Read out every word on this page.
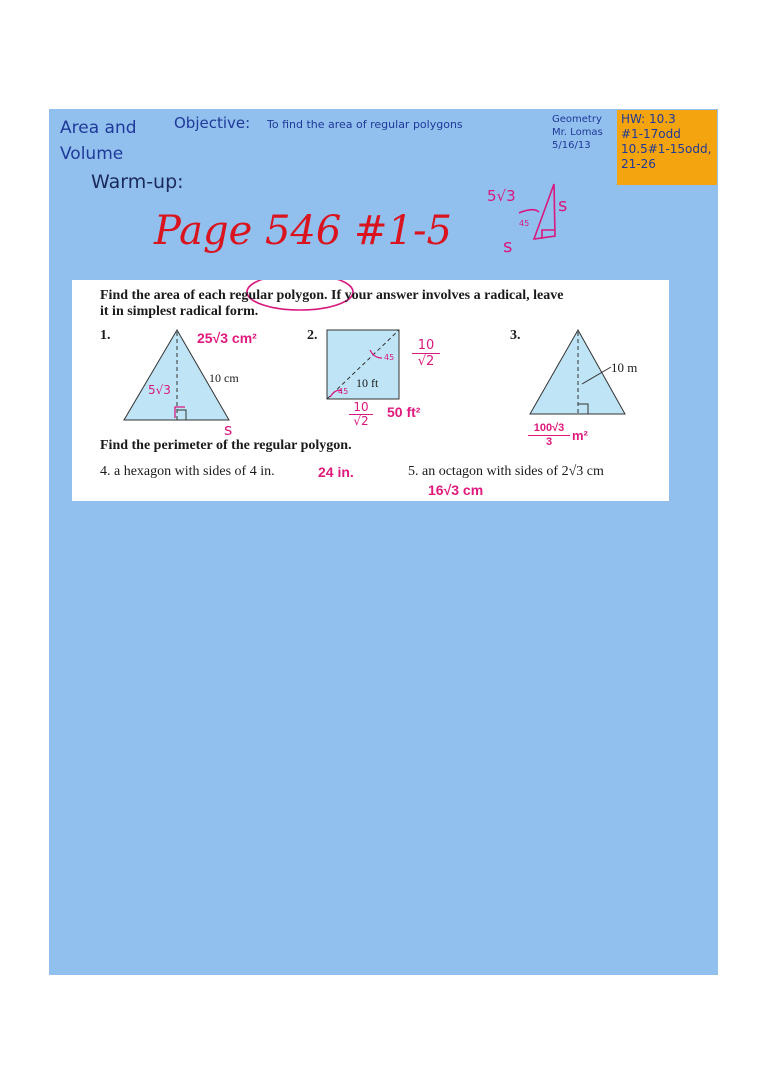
Area and
Volume
Objective: To find the area of regular polygons	Geometry
Mr. Lomas
5/16/13
HW: 10.3
#1-17odd
10.5#1-15odd,
21-26
Warm-up:
Page 546 #1-5
5√3 s
s
45
Find the area of each regular polygon. If your answer involves a radical, leave
it in simplest radical form.
1.
10 cm
25√3 cm²
5√3
s
2.
10 ft
45
45
$\frac{10}{√2}$
$\frac{10}{√2} 50$ ft²
3.
10 m
$\frac{100√3}{3} m^2$
Find the perimeter of the regular polygon.
4. a hexagon with sides of 4 in.	24 in.	5. an octagon with sides of 2√3 cm
16√3 cm
